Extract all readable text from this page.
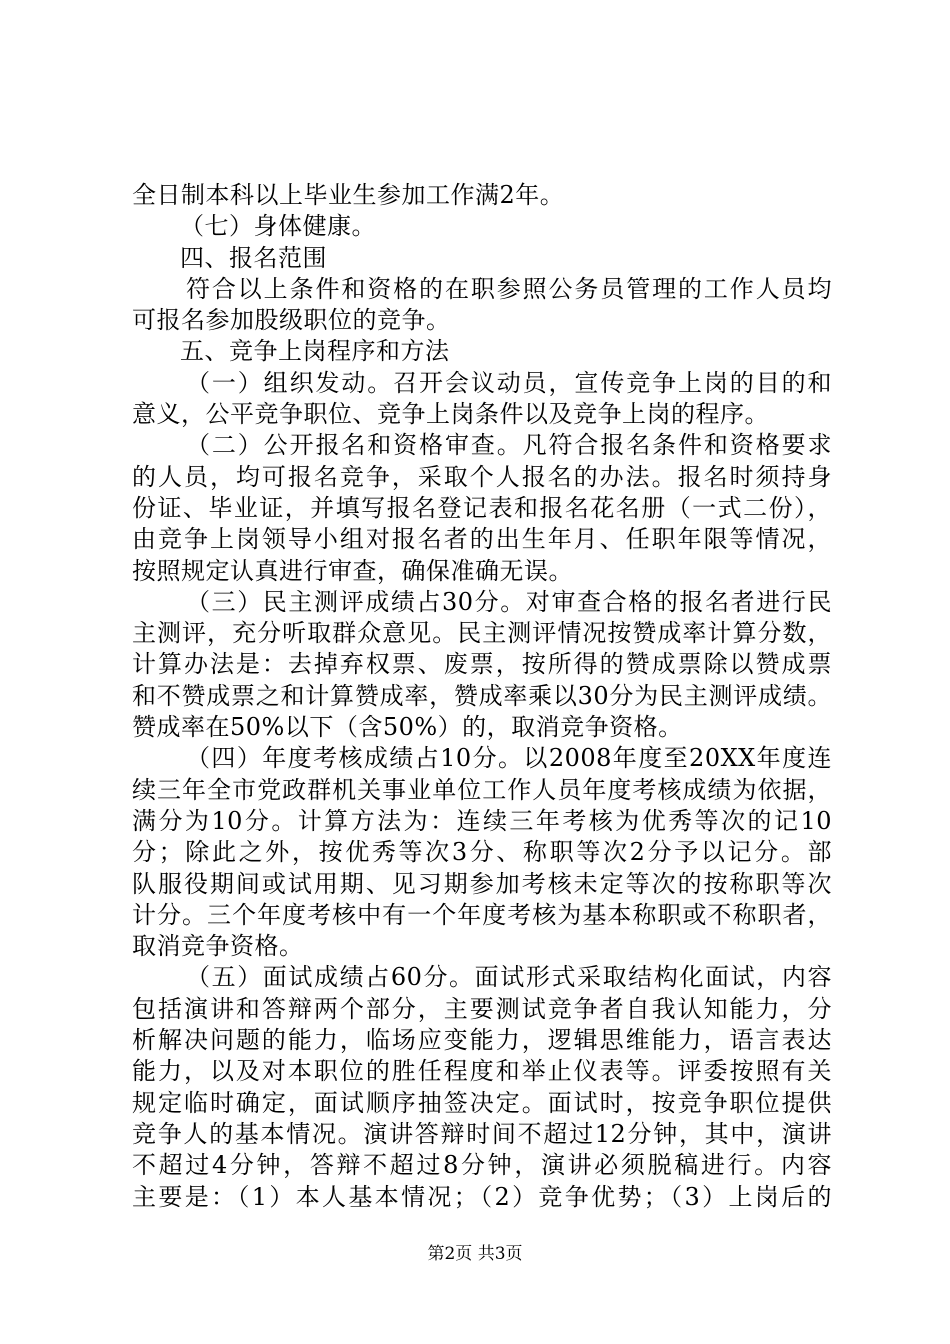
全日制本科以上毕业生参加工作满2年。
（七）身体健康。
四、报名范围
符合以上条件和资格的在职参照公务员管理的工作人员均
可报名参加股级职位的竞争。
五、竞争上岗程序和方法
（一）组织发动。召开会议动员，宣传竞争上岗的目的和
意义，公平竞争职位、竞争上岗条件以及竞争上岗的程序。
（二）公开报名和资格审查。凡符合报名条件和资格要求
的人员，均可报名竞争，采取个人报名的办法。报名时须持身
份证、毕业证，并填写报名登记表和报名花名册（一式二份），
由竞争上岗领导小组对报名者的出生年月、任职年限等情况，
按照规定认真进行审查，确保准确无误。
（三）民主测评成绩占30分。对审查合格的报名者进行民
主测评，充分听取群众意见。民主测评情况按赞成率计算分数，
计算办法是：去掉弃权票、废票，按所得的赞成票除以赞成票
和不赞成票之和计算赞成率，赞成率乘以30分为民主测评成绩。
赞成率在50%以下（含50%）的，取消竞争资格。
（四）年度考核成绩占10分。以2008年度至20XX年度连
续三年全市党政群机关事业单位工作人员年度考核成绩为依据，
满分为10分。计算方法为：连续三年考核为优秀等次的记10
分；除此之外，按优秀等次3分、称职等次2分予以记分。部
队服役期间或试用期、见习期参加考核未定等次的按称职等次
计分。三个年度考核中有一个年度考核为基本称职或不称职者，
取消竞争资格。
（五）面试成绩占60分。面试形式采取结构化面试，内容
包括演讲和答辩两个部分，主要测试竞争者自我认知能力，分
析解决问题的能力，临场应变能力，逻辑思维能力，语言表达
能力，以及对本职位的胜任程度和举止仪表等。评委按照有关
规定临时确定，面试顺序抽签决定。面试时，按竞争职位提供
竞争人的基本情况。演讲答辩时间不超过12分钟，其中，演讲
不超过4分钟，答辩不超过8分钟，演讲必须脱稿进行。内容
主要是：（1）本人基本情况；（2）竞争优势；（3）上岗后的
第2页 共3页
